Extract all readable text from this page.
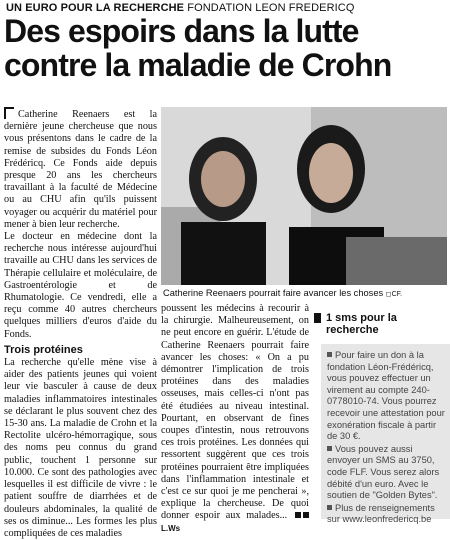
UN EURO POUR LA RECHERCHE FONDATION LEON FREDERICQ
Des espoirs dans la lutte
contre la maladie de Crohn

Catherine Reenaers est la dernière jeune chercheuse que nous vous présentons dans le cadre de la remise de subsides du Fonds Léon Frédéricq. Ce Fonds aide depuis presque 20 ans les chercheurs travaillant à la faculté de Médecine ou au CHU afin qu'ils puissent voyager ou acquérir du matériel pour mener à bien leur recherche.

Le docteur en médecine dont la recherche nous intéresse aujourd'hui travaille au CHU dans les services de Thérapie cellulaire et moléculaire, de Gastroentérologie et de Rhumatologie. Ce vendredi, elle a reçu comme 40 autres chercheurs quelques milliers d'euros d'aide du Fonds.

Trois protéines

La recherche qu'elle mène vise à aider des patients jeunes qui voient leur vie basculer à cause de deux maladies inflammatoires intestinales se déclarant le plus souvent chez des 15-30 ans. La maladie de Crohn et la Rectolite ulcéro-hémorragique, sous des noms peu connus du grand public, touchent 1 personne sur 10.000. Ce sont des pathologies avec lesquelles il est difficile de vivre : le patient souffre de diarrhées et de douleurs abdominales, la qualité de ses os diminue... Les formes les plus compliquées de ces maladies

Catherine Reenaers pourrait faire avancer les choses ◻CF.

poussent les médecins à recourir à la chirurgie. Malheureusement, on ne peut encore en guérir. L'étude de Catherine Reenaers pourrait faire avancer les choses: « On a pu démontrer l'implication de trois protéines dans des maladies osseuses, mais celles-ci n'ont pas été étudiées au niveau intestinal. Pourtant, en observant de fines coupes d'intestin, nous retrouvons ces trois protéines. Les données qui ressortent suggèrent que ces trois protéines pourraient être impliquées dans l'inflammation intestinale et c'est ce sur quoi je me pencherai », explique la chercheuse. De quoi donner espoir aux malades...  L.Ws

1 sms pour la recherche

Pour faire un don à la fondation Léon-Frédéricq, vous pouvez effectuer un virement au compte 240-0778010-74. Vous pourrez recevoir une attestation pour exonération fiscale à partir de 30 €.

Vous pouvez aussi envoyer un SMS au 3750, code FLF. Vous serez alors débité d'un euro. Avec le soutien de "Golden Bytes".

Plus de renseignements sur www.leonfredericq.be
